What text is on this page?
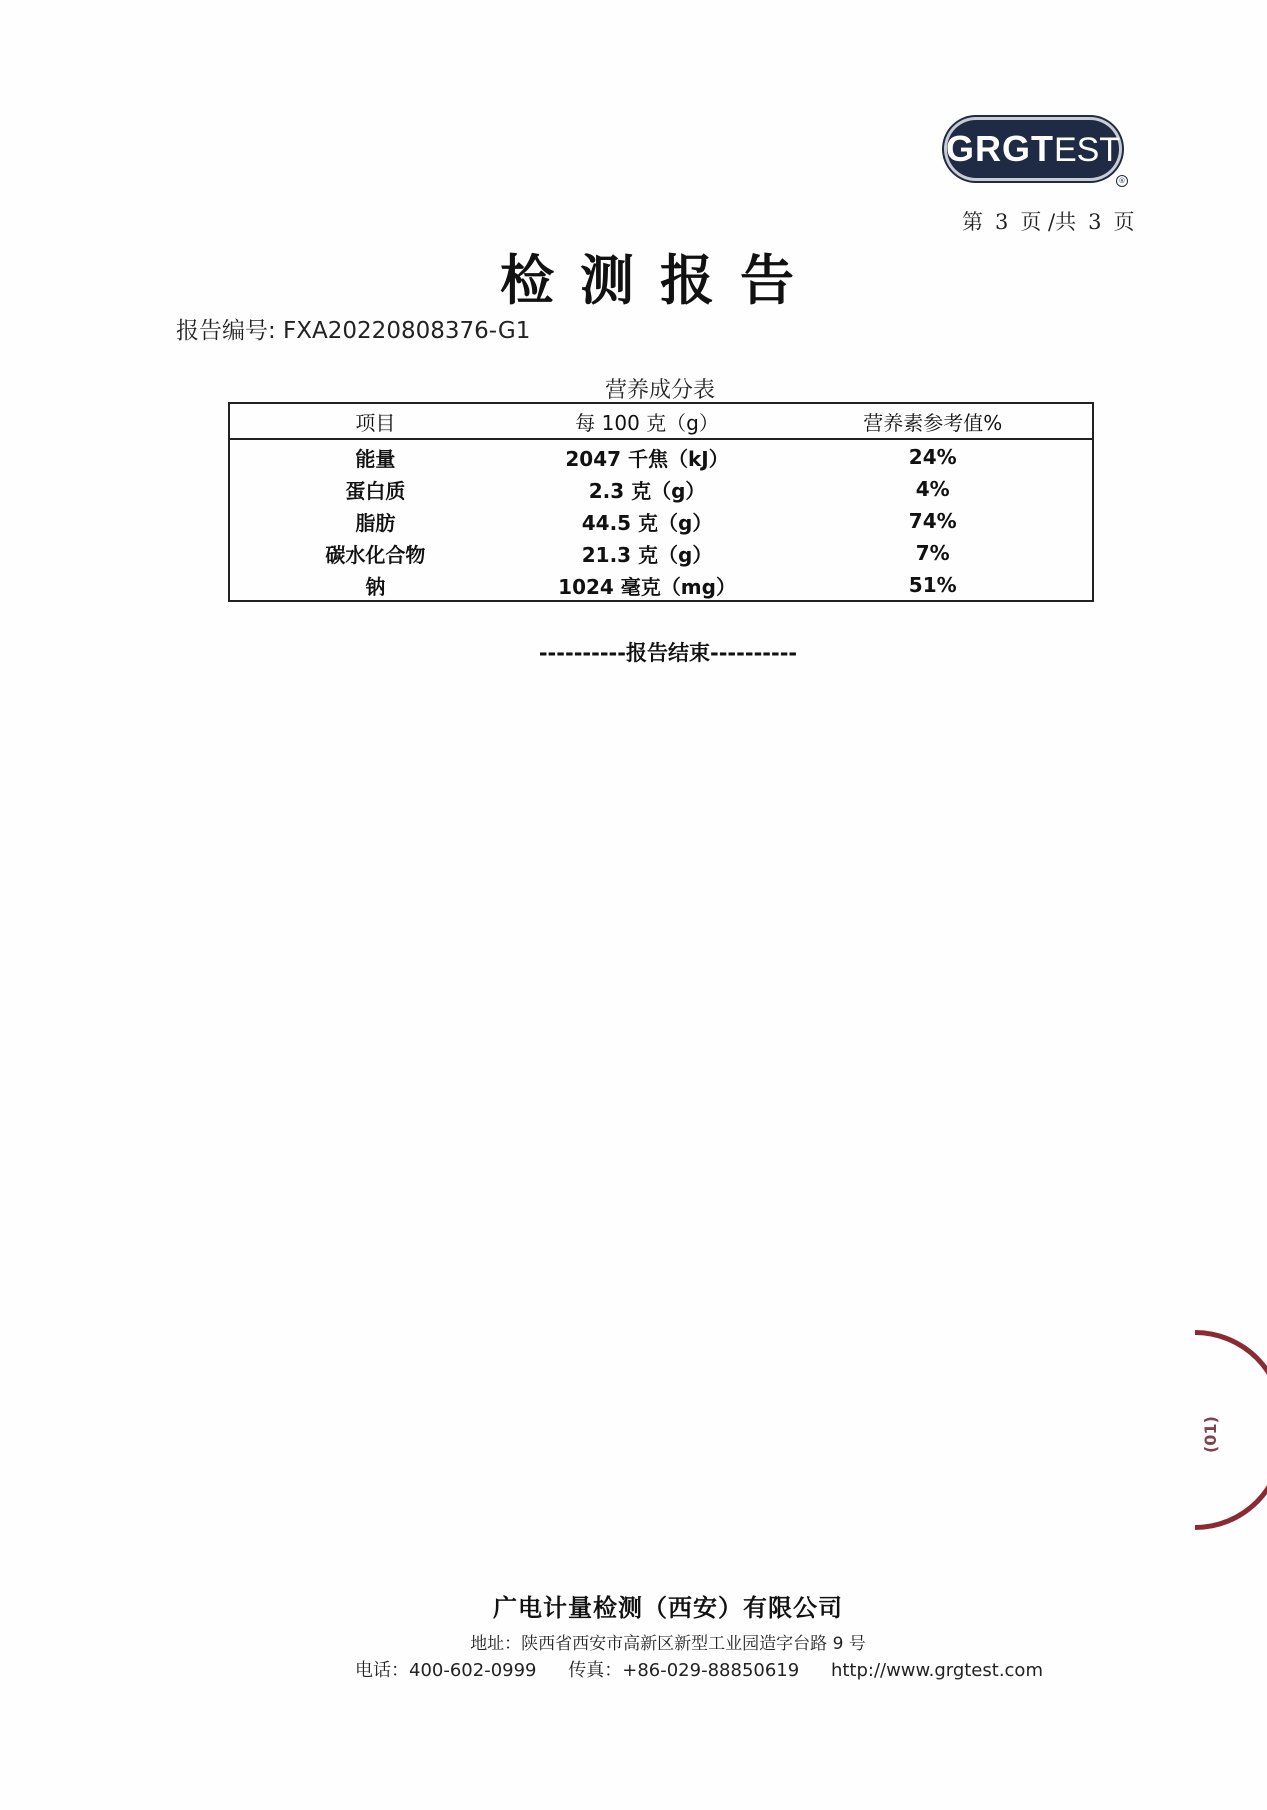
GRGTEST
®
第 3 页 /共 3 页
检测报告
报告编号: FXA20220808376-G1
营养成分表
项目	每 100 克（g）	营养素参考值%
能量	2047 千焦（kJ）	24%
蛋白质	2.3 克（g）	4%
脂肪	44.5 克（g）	74%
碳水化合物	21.3 克（g）	7%
钠	1024 毫克（mg）	51%
----------报告结束----------
(01)
广电计量检测（西安）有限公司
地址：陕西省西安市高新区新型工业园造字台路 9 号
电话：400-602-0999 传真：+86-029-88850619 http://www.grgtest.com
